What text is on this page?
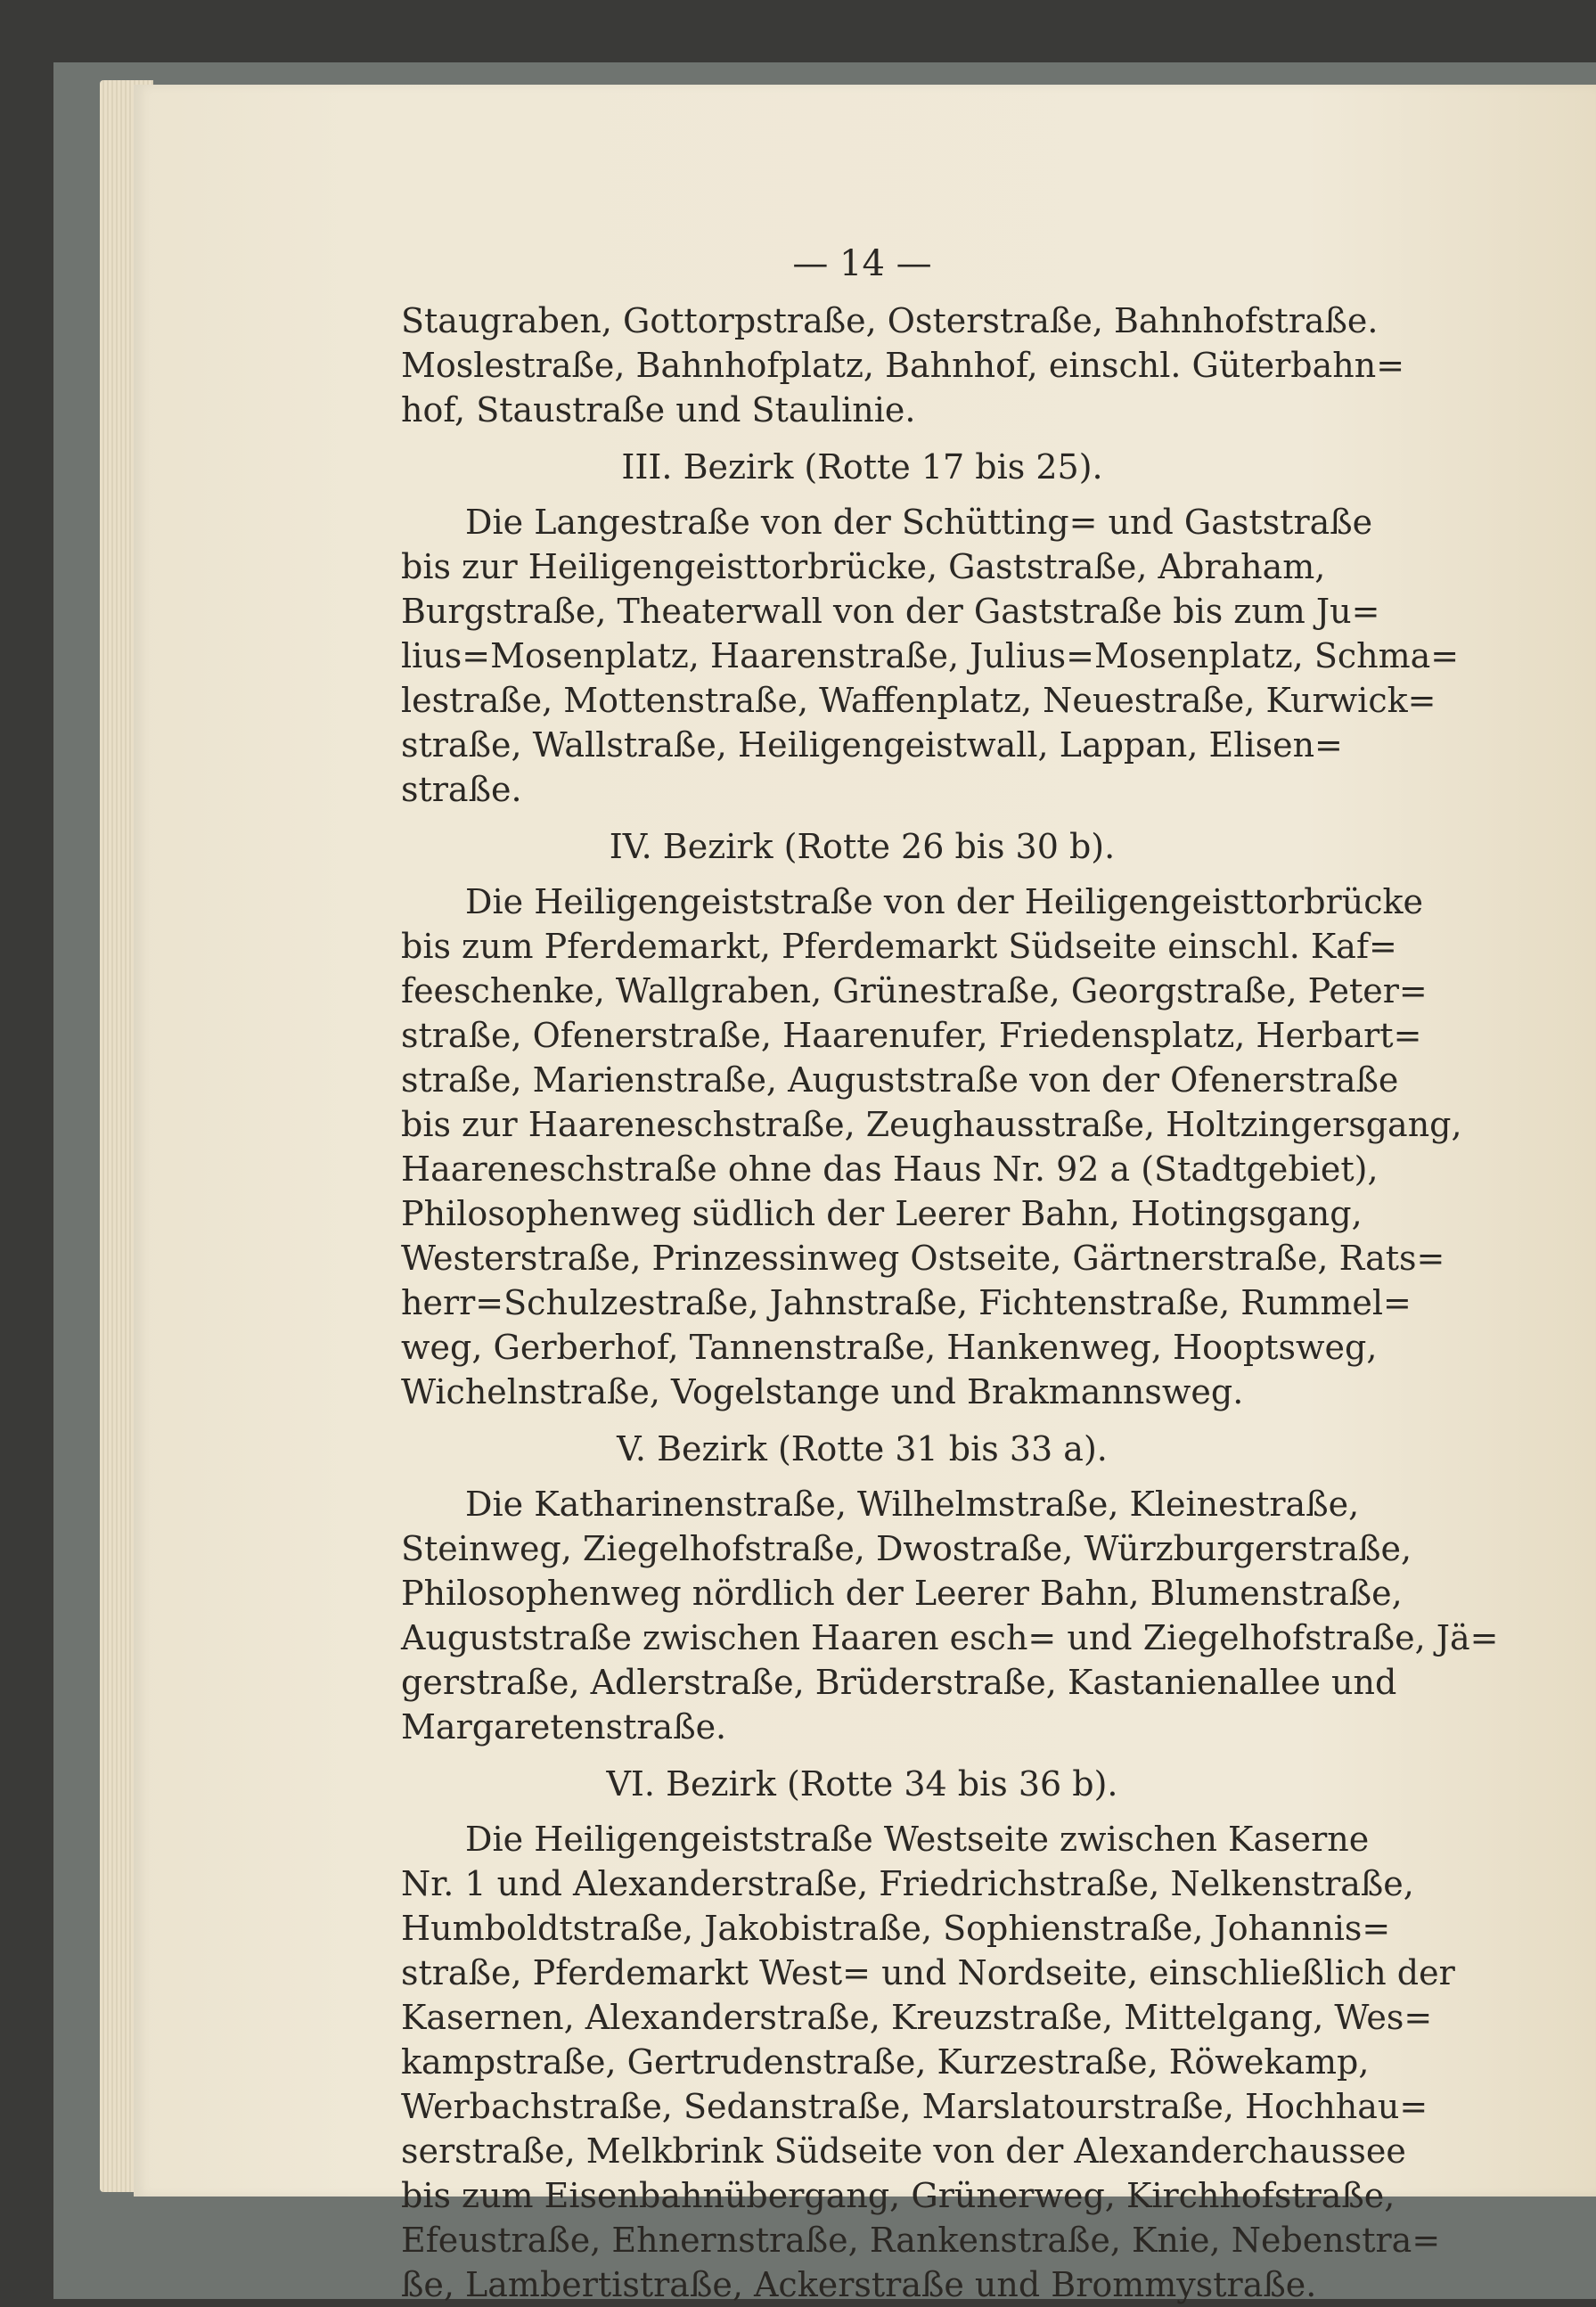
— 14 —
Staugraben, Gottorpstraße, Osterstraße, Bahnhofstraße.
Moslestraße, Bahnhofplatz, Bahnhof, einschl. Güterbahn=
hof, Staustraße und Staulinie.
III. Bezirk (Rotte 17 bis 25).
Die Langestraße von der Schütting= und Gaststraße
bis zur Heiligengeisttorbrücke, Gaststraße, Abraham,
Burgstraße, Theaterwall von der Gaststraße bis zum Ju=
lius=Mosenplatz, Haarenstraße, Julius=Mosenplatz, Schma=
lestraße, Mottenstraße, Waffenplatz, Neuestraße, Kurwick=
straße, Wallstraße, Heiligengeistwall, Lappan, Elisen=
straße.
IV. Bezirk (Rotte 26 bis 30 b).
Die Heiligengeiststraße von der Heiligengeisttorbrücke
bis zum Pferdemarkt, Pferdemarkt Südseite einschl. Kaf=
feeschenke, Wallgraben, Grünestraße, Georgstraße, Peter=
straße, Ofenerstraße, Haarenufer, Friedensplatz, Herbart=
straße, Marienstraße, Auguststraße von der Ofenerstraße
bis zur Haareneschstraße, Zeughausstraße, Holtzingersgang,
Haareneschstraße ohne das Haus Nr. 92 a (Stadtgebiet),
Philosophenweg südlich der Leerer Bahn, Hotingsgang,
Westerstraße, Prinzessinweg Ostseite, Gärtnerstraße, Rats=
herr=Schulzestraße, Jahnstraße, Fichtenstraße, Rummel=
weg, Gerberhof, Tannenstraße, Hankenweg, Hooptsweg,
Wichelnstraße, Vogelstange und Brakmannsweg.
V. Bezirk (Rotte 31 bis 33 a).
Die Katharinenstraße, Wilhelmstraße, Kleinestraße,
Steinweg, Ziegelhofstraße, Dwostraße, Würzburgerstraße,
Philosophenweg nördlich der Leerer Bahn, Blumenstraße,
Auguststraße zwischen Haaren esch= und Ziegelhofstraße, Jä=
gerstraße, Adlerstraße, Brüderstraße, Kastanienallee und
Margaretenstraße.
VI. Bezirk (Rotte 34 bis 36 b).
Die Heiligengeiststraße Westseite zwischen Kaserne
Nr. 1 und Alexanderstraße, Friedrichstraße, Nelkenstraße,
Humboldtstraße, Jakobistraße, Sophienstraße, Johannis=
straße, Pferdemarkt West= und Nordseite, einschließlich der
Kasernen, Alexanderstraße, Kreuzstraße, Mittelgang, Wes=
kampstraße, Gertrudenstraße, Kurzestraße, Röwekamp,
Werbachstraße, Sedanstraße, Marslatourstraße, Hochhau=
serstraße, Melkbrink Südseite von der Alexanderchaussee
bis zum Eisenbahnübergang, Grünerweg, Kirchhofstraße,
Efeustraße, Ehnernstraße, Rankenstraße, Knie, Nebenstra=
ße, Lambertistraße, Ackerstraße und Brommystraße.
